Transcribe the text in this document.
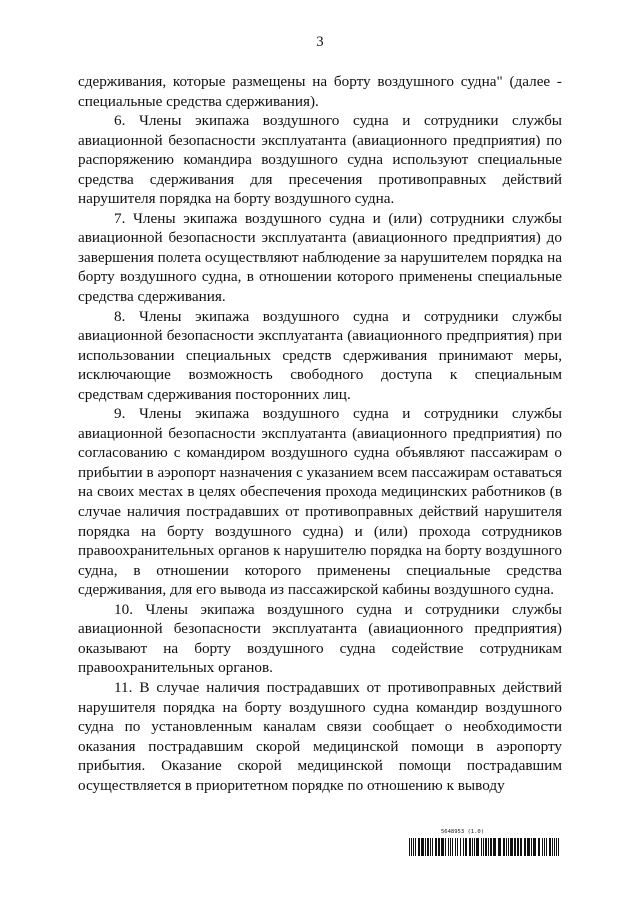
3

сдерживания, которые размещены на борту воздушного судна" (далее - специальные средства сдерживания).

6. Члены экипажа воздушного судна и сотрудники службы авиационной безопасности эксплуатанта (авиационного предприятия) по распоряжению командира воздушного судна используют специальные средства сдерживания для пресечения противоправных действий нарушителя порядка на борту воздушного судна.

7. Члены экипажа воздушного судна и (или) сотрудники службы авиационной безопасности эксплуатанта (авиационного предприятия) до завершения полета осуществляют наблюдение за нарушителем порядка на борту воздушного судна, в отношении которого применены специальные средства сдерживания.

8. Члены экипажа воздушного судна и сотрудники службы авиационной безопасности эксплуатанта (авиационного предприятия) при использовании специальных средств сдерживания принимают меры, исключающие возможность свободного доступа к специальным средствам сдерживания посторонних лиц.

9. Члены экипажа воздушного судна и сотрудники службы авиационной безопасности эксплуатанта (авиационного предприятия) по согласованию с командиром воздушного судна объявляют пассажирам о прибытии в аэропорт назначения с указанием всем пассажирам оставаться на своих местах в целях обеспечения прохода медицинских работников (в случае наличия пострадавших от противоправных действий нарушителя порядка на борту воздушного судна) и (или) прохода сотрудников правоохранительных органов к нарушителю порядка на борту воздушного судна, в отношении которого применены специальные средства сдерживания, для его вывода из пассажирской кабины воздушного судна.

10. Члены экипажа воздушного судна и сотрудники службы авиационной безопасности эксплуатанта (авиационного предприятия) оказывают на борту воздушного судна содействие сотрудникам правоохранительных органов.

11. В случае наличия пострадавших от противоправных действий нарушителя порядка на борту воздушного судна командир воздушного судна по установленным каналам связи сообщает о необходимости оказания пострадавшим скорой медицинской помощи в аэропорту прибытия. Оказание скорой медицинской помощи пострадавшим осуществляется в приоритетном порядке по отношению к выводу

5648953 (1.0)
